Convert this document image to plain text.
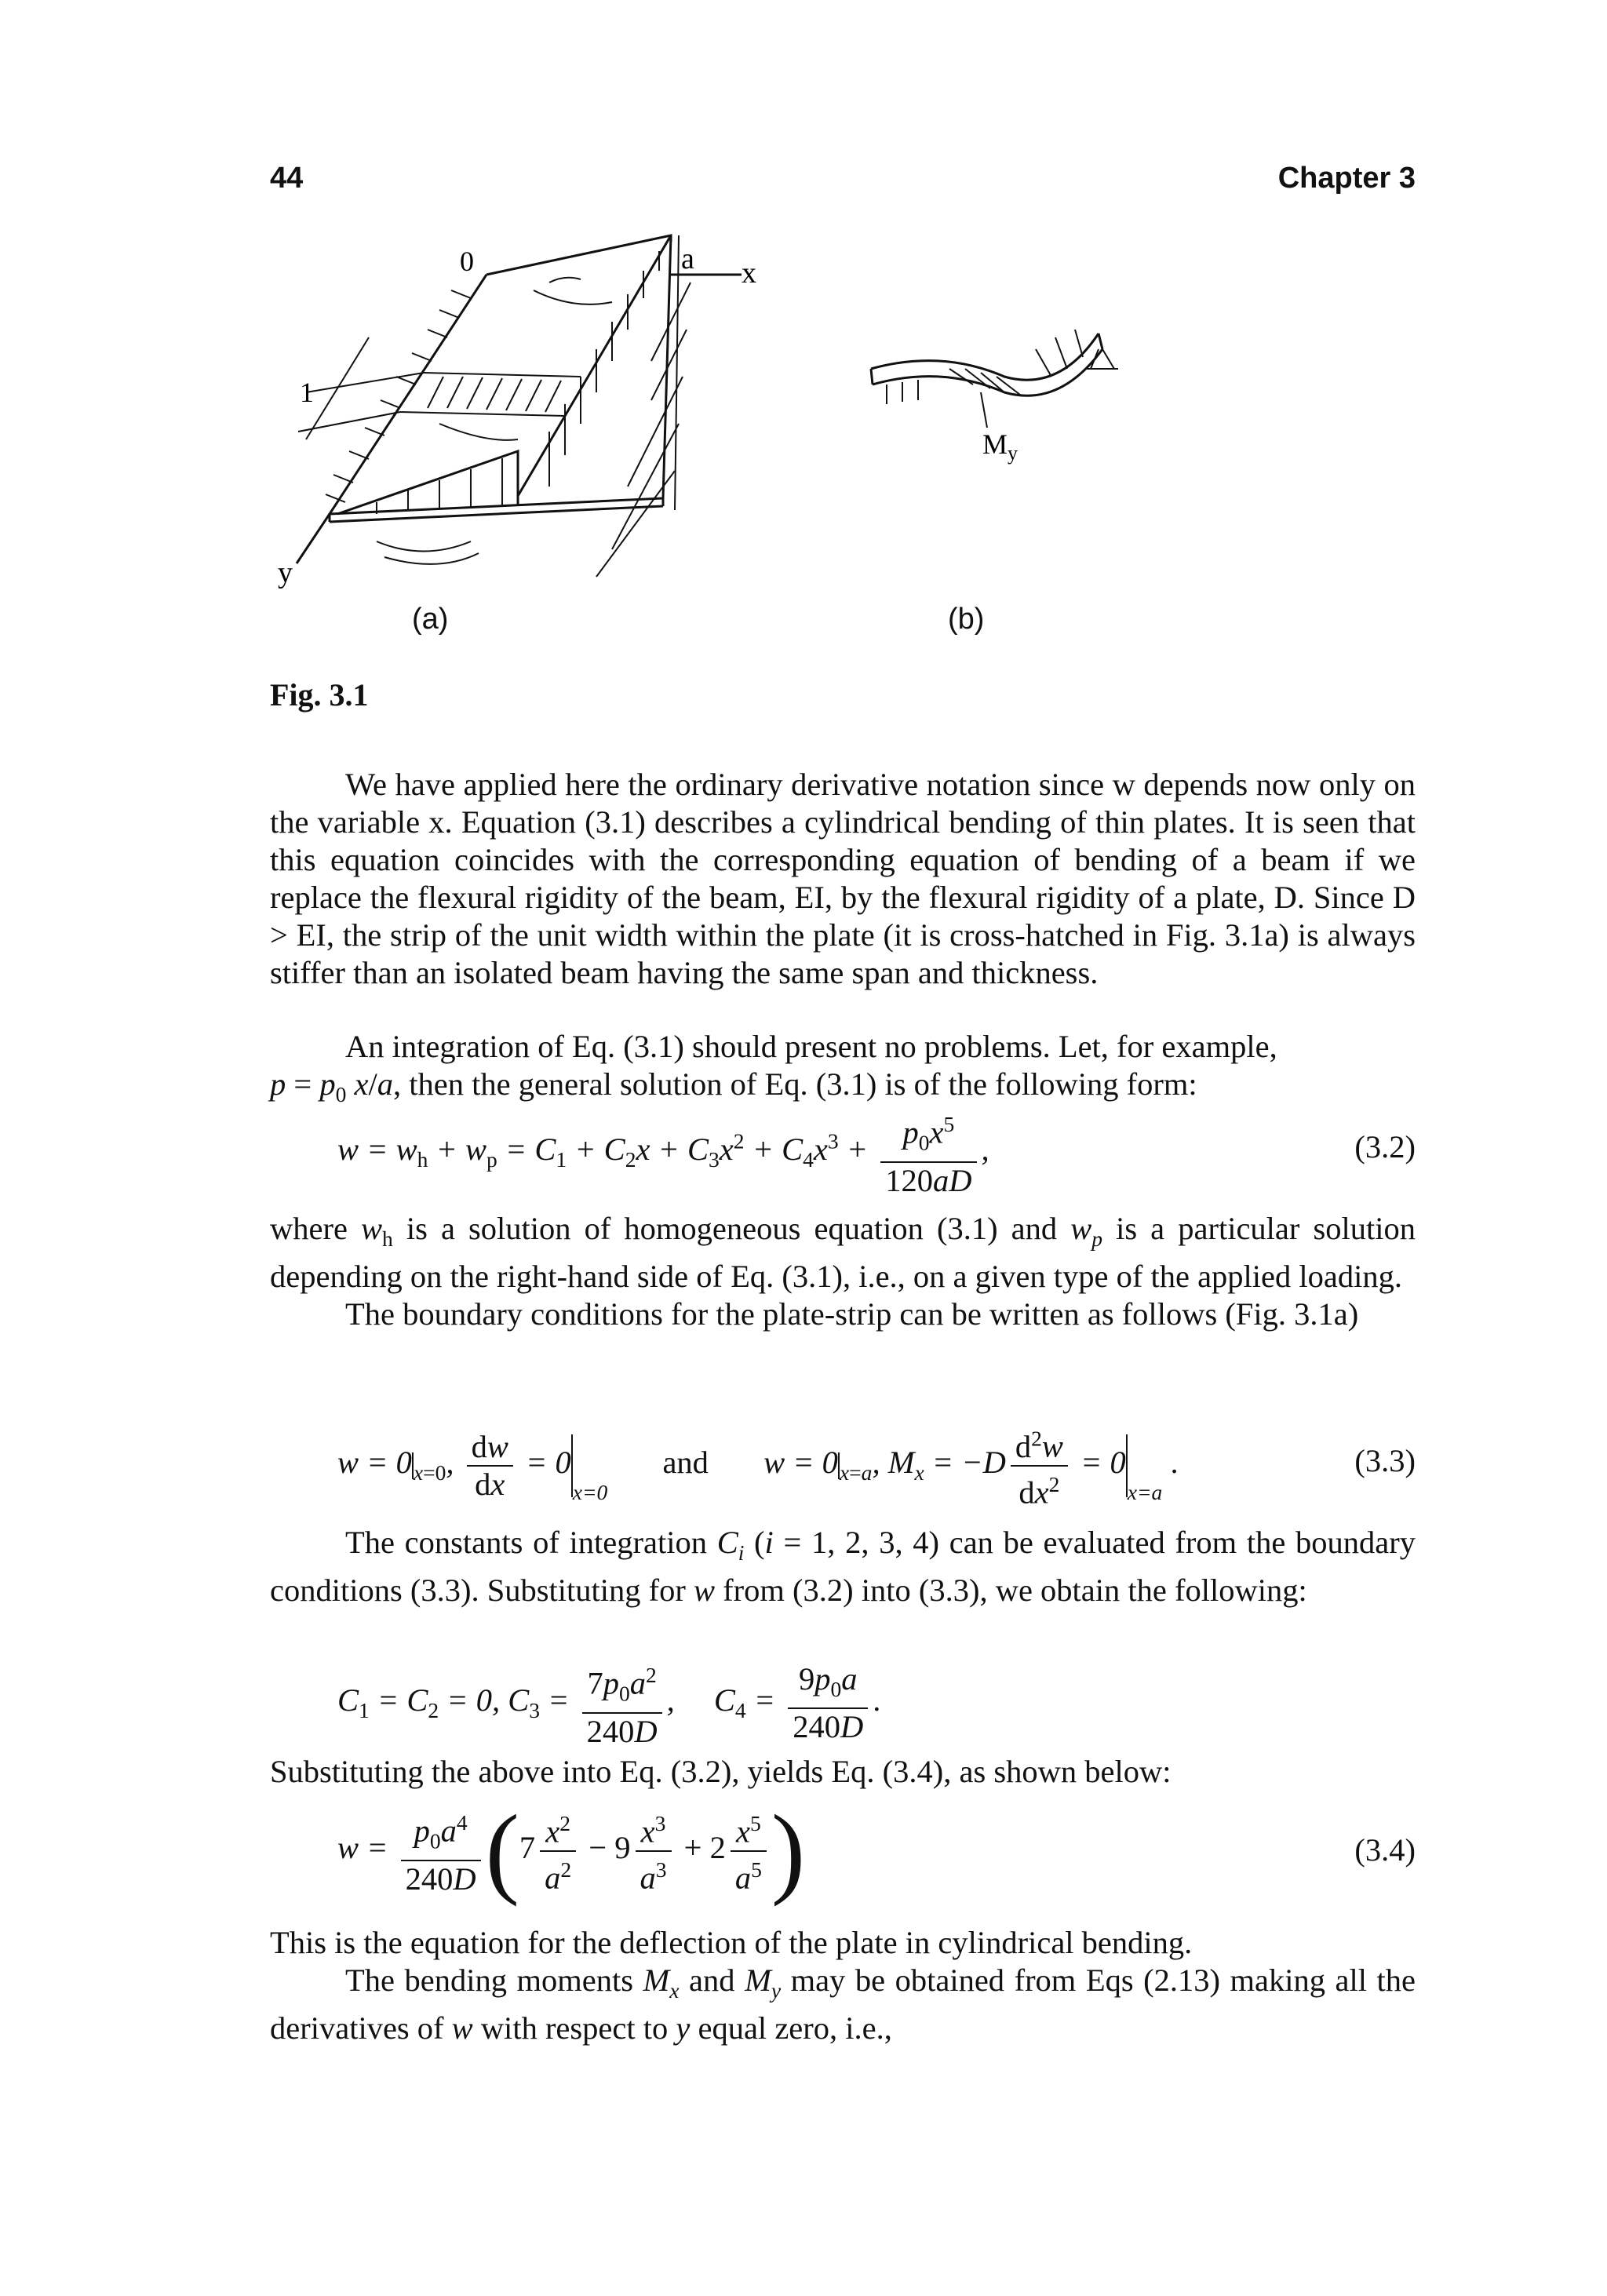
44	Chapter 3
0	a x
y
1
$M_y$
(a)	(b)
Fig. 3.1

We have applied here the ordinary derivative notation since w depends now only on the variable x. Equation (3.1) describes a cylindrical bending of thin plates. It is seen that this equation coincides with the corresponding equation of bending of a beam if we replace the flexural rigidity of the beam, EI, by the flexural rigidity of a plate, D. Since D > EI, the strip of the unit width within the plate (it is cross-hatched in Fig. 3.1a) is always stiffer than an isolated beam having the same span and thickness.

An integration of Eq. (3.1) should present no problems. Let, for example,
$p = p_0$ x/a, then the general solution of Eq. (3.1) is of the following form:

$w = w_h + w_p = C_1 + C_2x + C_3x^2 + C_4x^3 + \frac{p_0x^5}{120aD}$ ,	(3.2)

where $w_h$ is a solution of homogeneous equation (3.1) and $w_p$ is a particular solution depending on the right-hand side of Eq. (3.1), i.e., on a given type of the applied loading.

The boundary conditions for the plate-strip can be written as follows (Fig. 3.1a)

$w = 0_{x=0}$, $\frac{dw}{dx} = 0x=0$ and $w = 0_{x=a}$, $M_x = -D \frac{d^2w}{dx^2} = 0x=a$ .	(3.3)

The constants of integration $C_i$ (i = 1, 2, 3, 4) can be evaluated from the boundary conditions (3.3). Substituting for w from (3.2) into (3.3), we obtain the following:

$C_1 = C_2 = 0$, $C_3 = \frac{7p_0a^2}{240D}$ , $C_4 = \frac{9p_0a}{240D}$ .

Substituting the above into Eq. (3.2), yields Eq. (3.4), as shown below:

$w = \frac{p_0a^4}{240D} (7 \frac{x^2}{a^2} - 9 \frac{x^3}{a^3} + 2 \frac{x^5}{a^5}$ )	(3.4)

This is the equation for the deflection of the plate in cylindrical bending.

The bending moments $M_x$ and $M_y$ may be obtained from Eqs (2.13) making all the derivatives of w with respect to y equal zero, i.e.,
